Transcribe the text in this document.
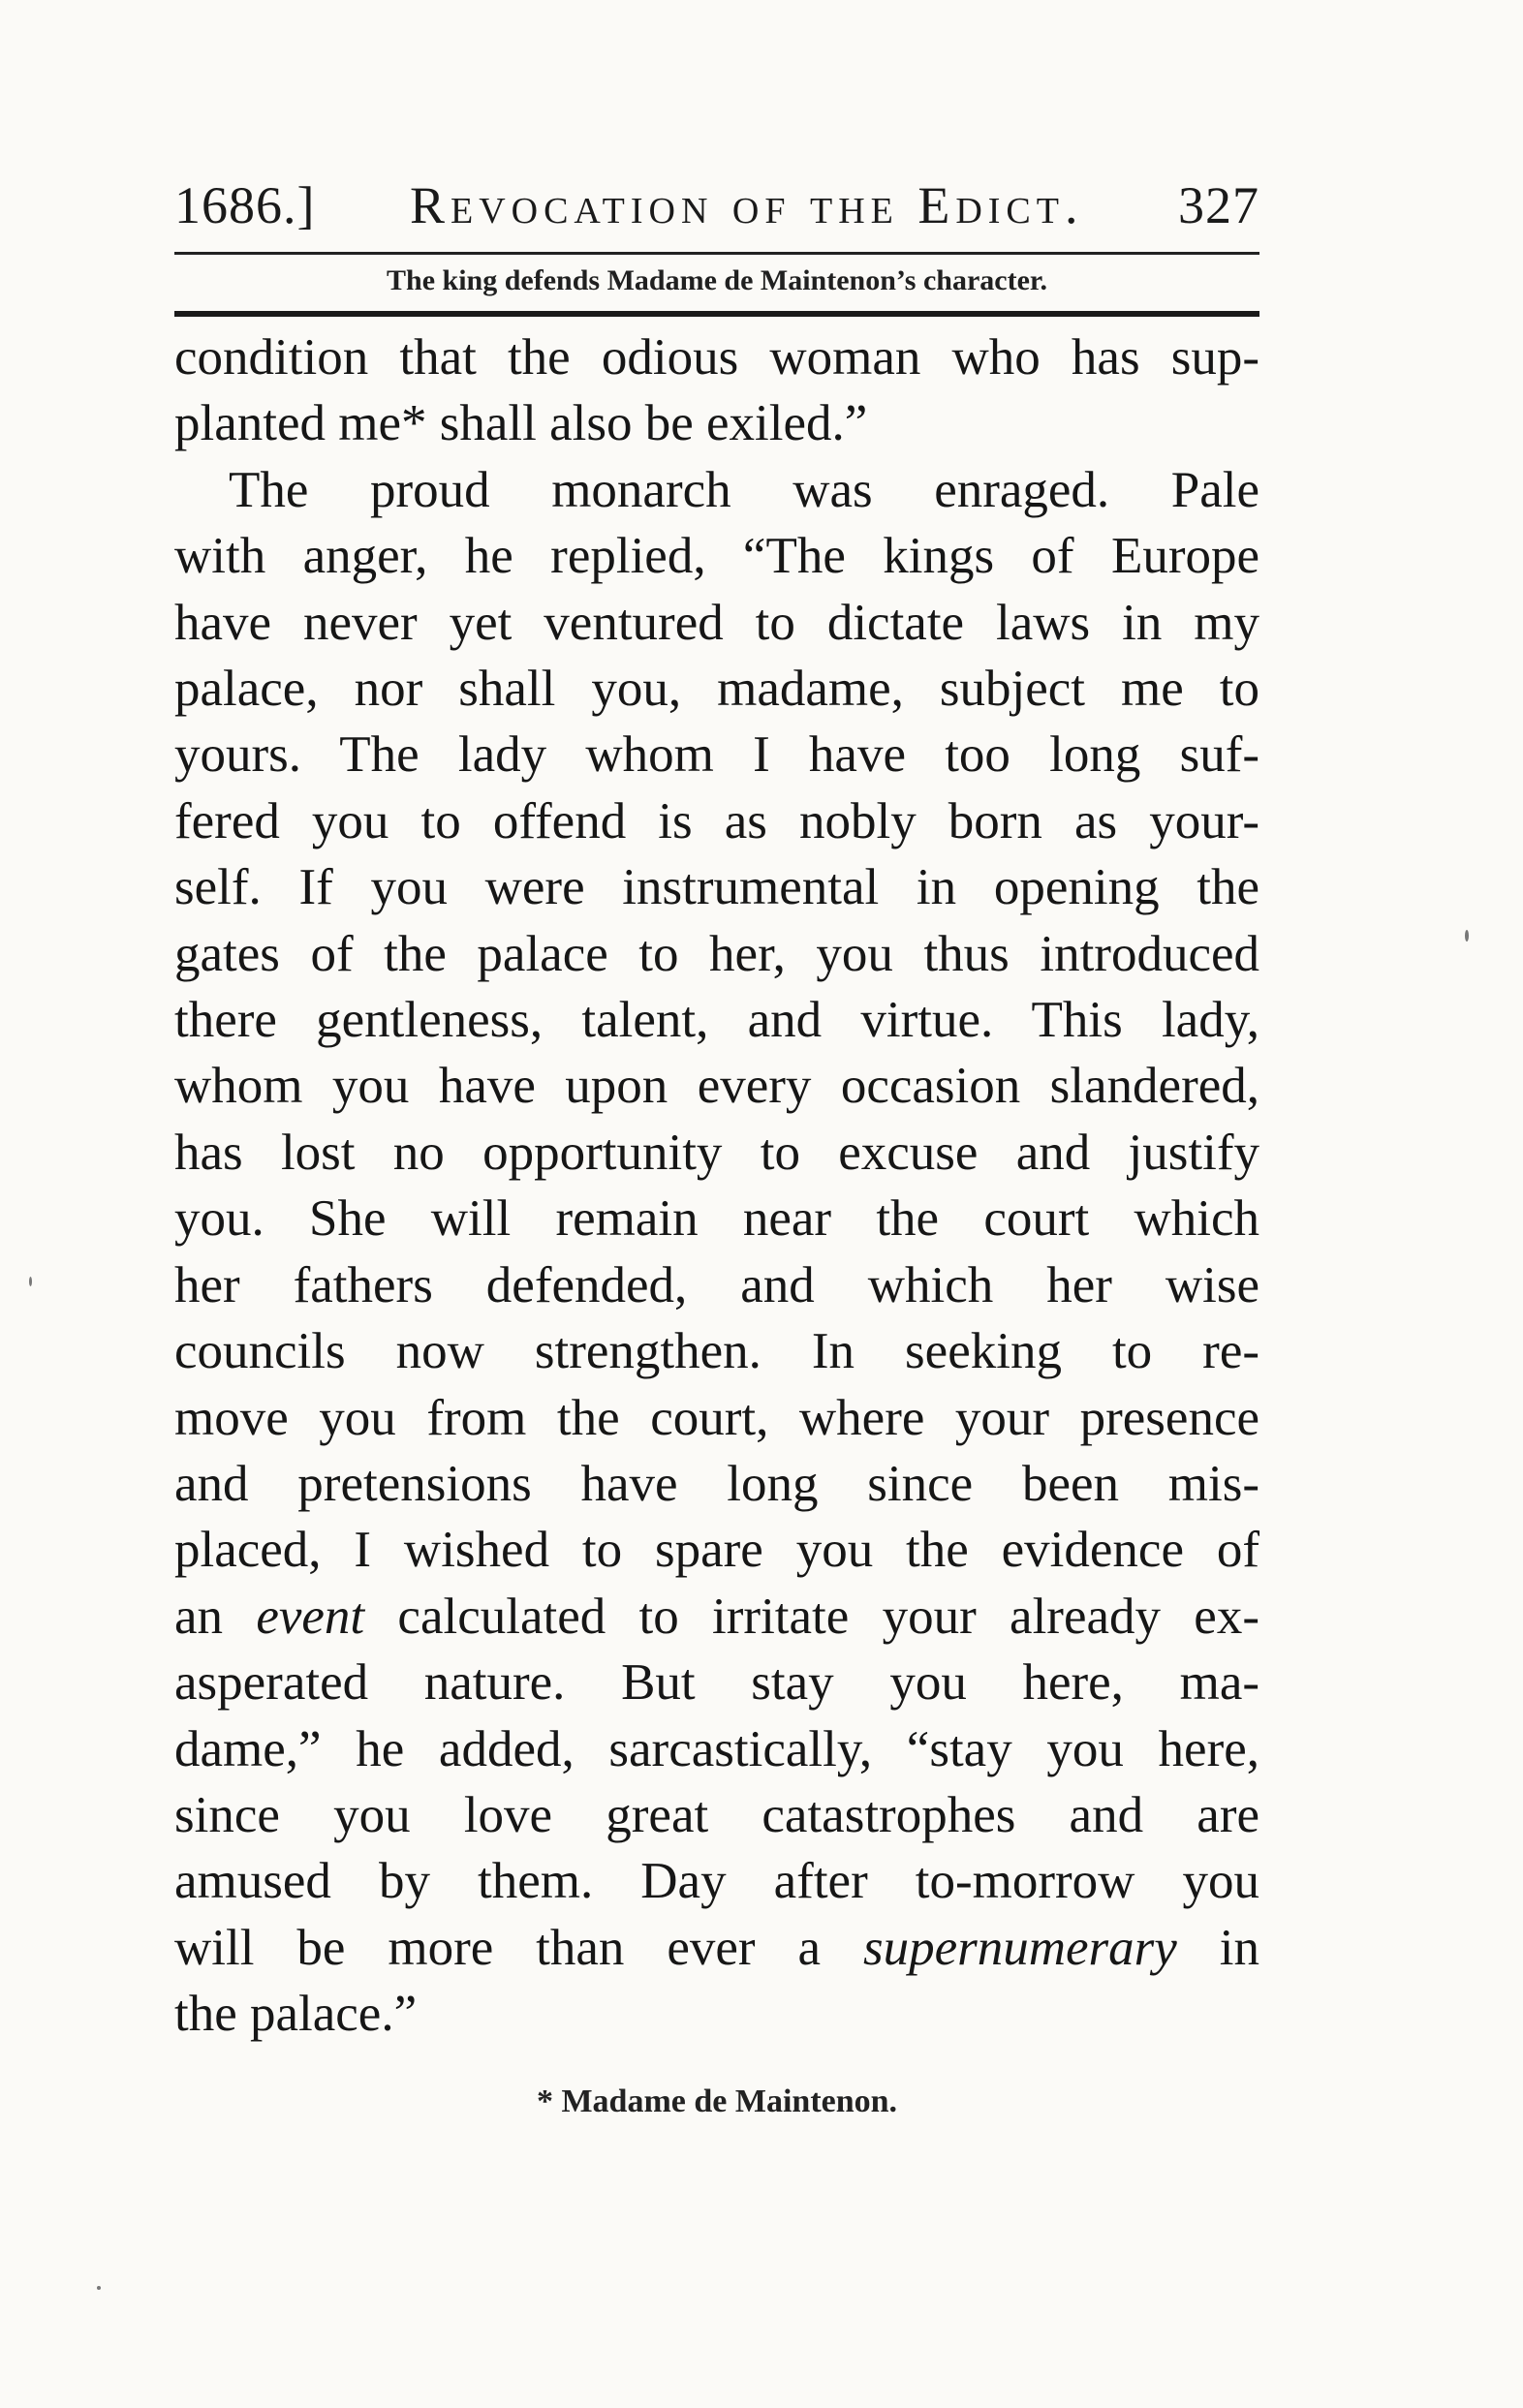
1686.] Revocation of the Edict. 327
The king defends Madame de Maintenon’s character.

condition that the odious woman who has sup-
planted me* shall also be exiled.”

The proud monarch was enraged. Pale
with anger, he replied, “The kings of Europe
have never yet ventured to dictate laws in my
palace, nor shall you, madame, subject me to
yours. The lady whom I have too long suf-
fered you to offend is as nobly born as your-
self. If you were instrumental in opening the
gates of the palace to her, you thus introduced
there gentleness, talent, and virtue. This lady,
whom you have upon every occasion slandered,
has lost no opportunity to excuse and justify
you. She will remain near the court which
her fathers defended, and which her wise
councils now strengthen. In seeking to re-
move you from the court, where your presence
and pretensions have long since been mis-
placed, I wished to spare you the evidence of
an event calculated to irritate your already ex-
asperated nature. But stay you here, ma-
dame,” he added, sarcastically, “stay you here,
since you love great catastrophes and are
amused by them. Day after to-morrow you
will be more than ever a supernumerary in
the palace.”

* Madame de Maintenon.
